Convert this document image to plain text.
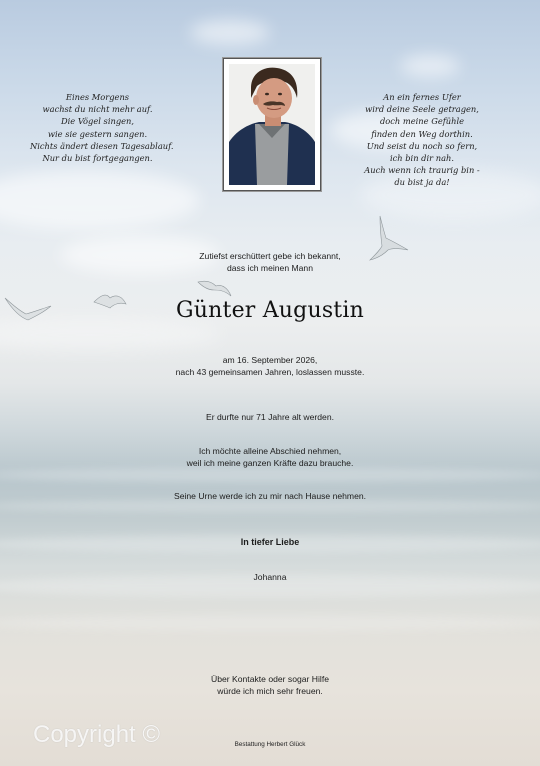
Eines Morgens
wachst du nicht mehr auf.
Die Vögel singen,
wie sie gestern sangen.
Nichts ändert diesen Tagesablauf.
Nur du bist fortgegangen.
An ein fernes Ufer
wird deine Seele getragen,
doch meine Gefühle
finden den Weg dorthin.
Und seist du noch so fern,
ich bin dir nah.
Auch wenn ich traurig bin -
du bist ja da!
Zutiefst erschüttert gebe ich bekannt,
dass ich meinen Mann
Günter Augustin
am 16. September 2026,
nach 43 gemeinsamen Jahren, loslassen musste.
Er durfte nur 71 Jahre alt werden.
Ich möchte alleine Abschied nehmen,
weil ich meine ganzen Kräfte dazu brauche.
Seine Urne werde ich zu mir nach Hause nehmen.
In tiefer Liebe
Johanna
Über Kontakte oder sogar Hilfe
würde ich mich sehr freuen.
Copyright ©	Bestattung Herbert Glück
